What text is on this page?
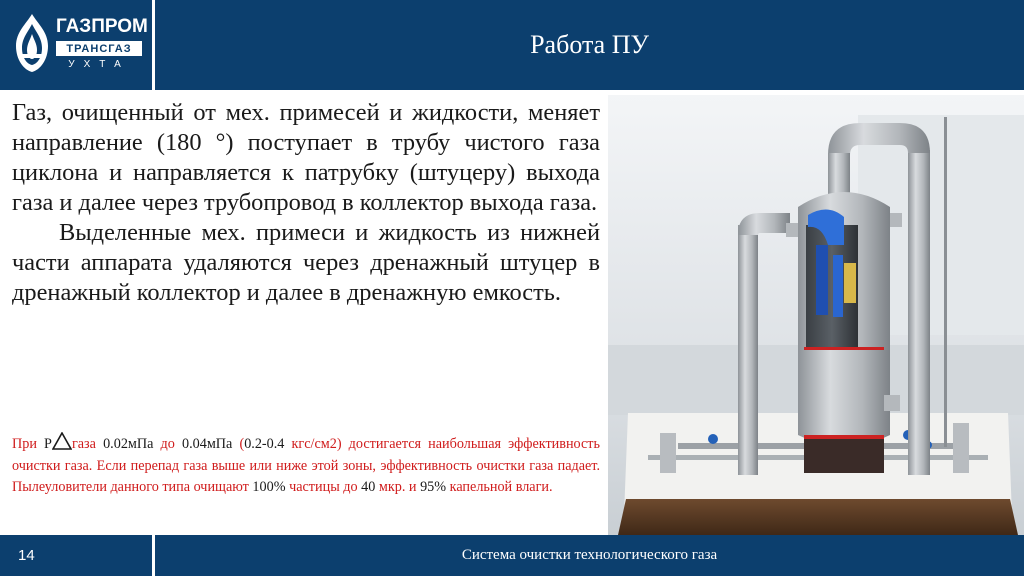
ГАЗПРОМ
ТРАНСГАЗ
УХТА
Работа ПУ

Газ, очищенный от мех. примесей и жидкости, меняет направление (180 °) поступает в трубу чистого газа циклона и направляется к патрубку (штуцеру) выхода газа и далее через трубопровод в коллектор выхода газа.

Выделенные мех. примеси и жидкость из нижней части аппарата удаляются через дренажный штуцер в дренажный коллектор и далее в дренажную емкость.

При P газа 0.02мПа до 0.04мПа (0.2-0.4 кгс/см2) достигается наибольшая эффективность очистки газа. Если перепад газа выше или ниже этой зоны, эффективность очистки газа падает. Пылеуловители данного типа очищают 100% частицы до 40 мкр. и 95% капельной влаги.
14	Система очистки технологического газа
